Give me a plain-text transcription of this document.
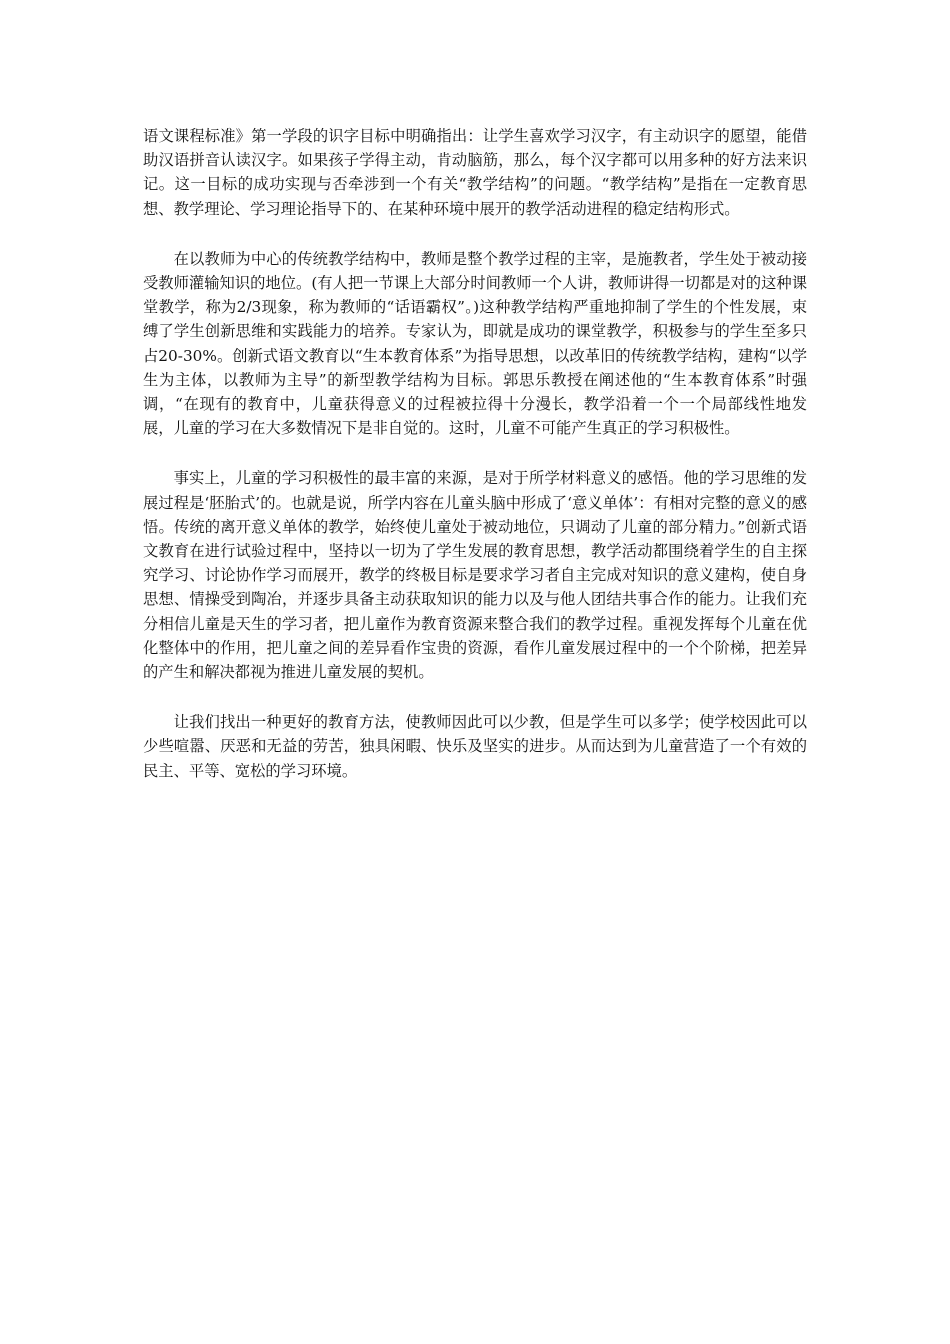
语文课程标准》第一学段的识字目标中明确指出：让学生喜欢学习汉字，有主动识字的愿望，能借助汉语拼音认读汉字。如果孩子学得主动，肯动脑筋，那么，每个汉字都可以用多种的好方法来识记。这一目标的成功实现与否牵涉到一个有关“教学结构”的问题。“教学结构”是指在一定教育思想、教学理论、学习理论指导下的、在某种环境中展开的教学活动进程的稳定结构形式。

在以教师为中心的传统教学结构中，教师是整个教学过程的主宰，是施教者，学生处于被动接受教师灌输知识的地位。(有人把一节课上大部分时间教师一个人讲，教师讲得一切都是对的这种课堂教学，称为2/3现象，称为教师的“话语霸权”。)这种教学结构严重地抑制了学生的个性发展，束缚了学生创新思维和实践能力的培养。专家认为，即就是成功的课堂教学，积极参与的学生至多只占20-30%。创新式语文教育以“生本教育体系”为指导思想，以改革旧的传统教学结构，建构“以学生为主体，以教师为主导”的新型教学结构为目标。郭思乐教授在阐述他的“生本教育体系”时强调，“在现有的教育中，儿童获得意义的过程被拉得十分漫长，教学沿着一个一个局部线性地发展，儿童的学习在大多数情况下是非自觉的。这时，儿童不可能产生真正的学习积极性。

事实上，儿童的学习积极性的最丰富的来源，是对于所学材料意义的感悟。他的学习思维的发展过程是‘胚胎式’的。也就是说，所学内容在儿童头脑中形成了‘意义单体’：有相对完整的意义的感悟。传统的离开意义单体的教学，始终使儿童处于被动地位，只调动了儿童的部分精力。”创新式语文教育在进行试验过程中，坚持以一切为了学生发展的教育思想，教学活动都围绕着学生的自主探究学习、讨论协作学习而展开，教学的终极目标是要求学习者自主完成对知识的意义建构，使自身思想、情操受到陶冶，并逐步具备主动获取知识的能力以及与他人团结共事合作的能力。让我们充分相信儿童是天生的学习者，把儿童作为教育资源来整合我们的教学过程。重视发挥每个儿童在优化整体中的作用，把儿童之间的差异看作宝贵的资源，看作儿童发展过程中的一个个阶梯，把差异的产生和解决都视为推进儿童发展的契机。

让我们找出一种更好的教育方法，使教师因此可以少教，但是学生可以多学；使学校因此可以少些喧嚣、厌恶和无益的劳苦，独具闲暇、快乐及坚实的进步。从而达到为儿童营造了一个有效的民主、平等、宽松的学习环境。
